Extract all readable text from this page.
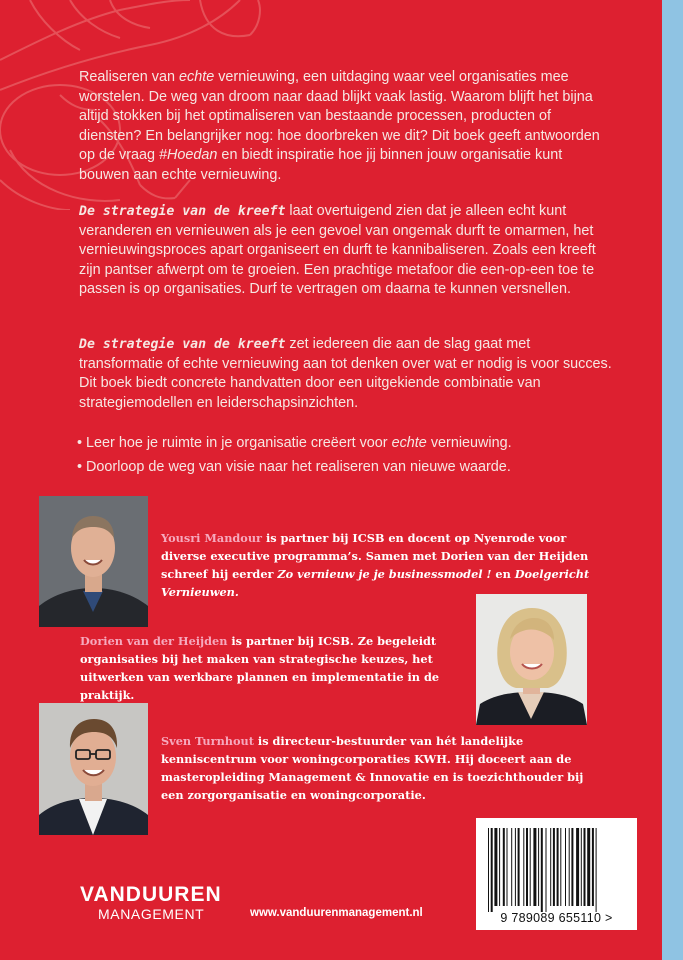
Realiseren van echte vernieuwing, een uitdaging waar veel organisaties mee worstelen. De weg van droom naar daad blijkt vaak lastig. Waarom blijft het bijna altijd stokken bij het optimaliseren van bestaande processen, producten of diensten? En belangrijker nog: hoe doorbreken we dit? Dit boek geeft antwoorden op de vraag #Hoedan en biedt inspiratie hoe jij binnen jouw organisatie kunt bouwen aan echte vernieuwing.
De strategie van de kreeft laat overtuigend zien dat je alleen echt kunt veranderen en vernieuwen als je een gevoel van ongemak durft te omarmen, het vernieuwingsproces apart organiseert en durft te kannibaliseren. Zoals een kreeft zijn pantser afwerpt om te groeien. Een prachtige metafoor die een-op-een toe te passen is op organisaties. Durf te vertragen om daarna te kunnen versnellen.
De strategie van de kreeft zet iedereen die aan de slag gaat met transformatie of echte vernieuwing aan tot denken over wat er nodig is voor succes. Dit boek biedt concrete handvatten door een uitgekiende combinatie van strategiemodellen en leiderschapsinzichten.
• Leer hoe je ruimte in je organisatie creëert voor echte vernieuwing.
• Doorloop de weg van visie naar het realiseren van nieuwe waarde.
Yousri Mandour is partner bij ICSB en docent op Nyenrode voor diverse executive programma’s. Samen met Dorien van der Heijden schreef hij eerder Zo vernieuw je je businessmodel ! en Doelgericht Vernieuwen.
Dorien van der Heijden is partner bij ICSB. Ze begeleidt organisaties bij het maken van strategische keuzes, het uitwerken van werkbare plannen en implementatie in de praktijk.
Sven Turnhout is directeur-bestuurder van hét landelijke kenniscentrum voor woningcorporaties KWH. Hij doceert aan de masteropleiding Management & Innovatie en is toezichthouder bij een zorgorganisatie en woningcorporatie.
VANDUUREN
MANAGEMENT	www.vanduurenmanagement.nl	9 789089 655110 >
